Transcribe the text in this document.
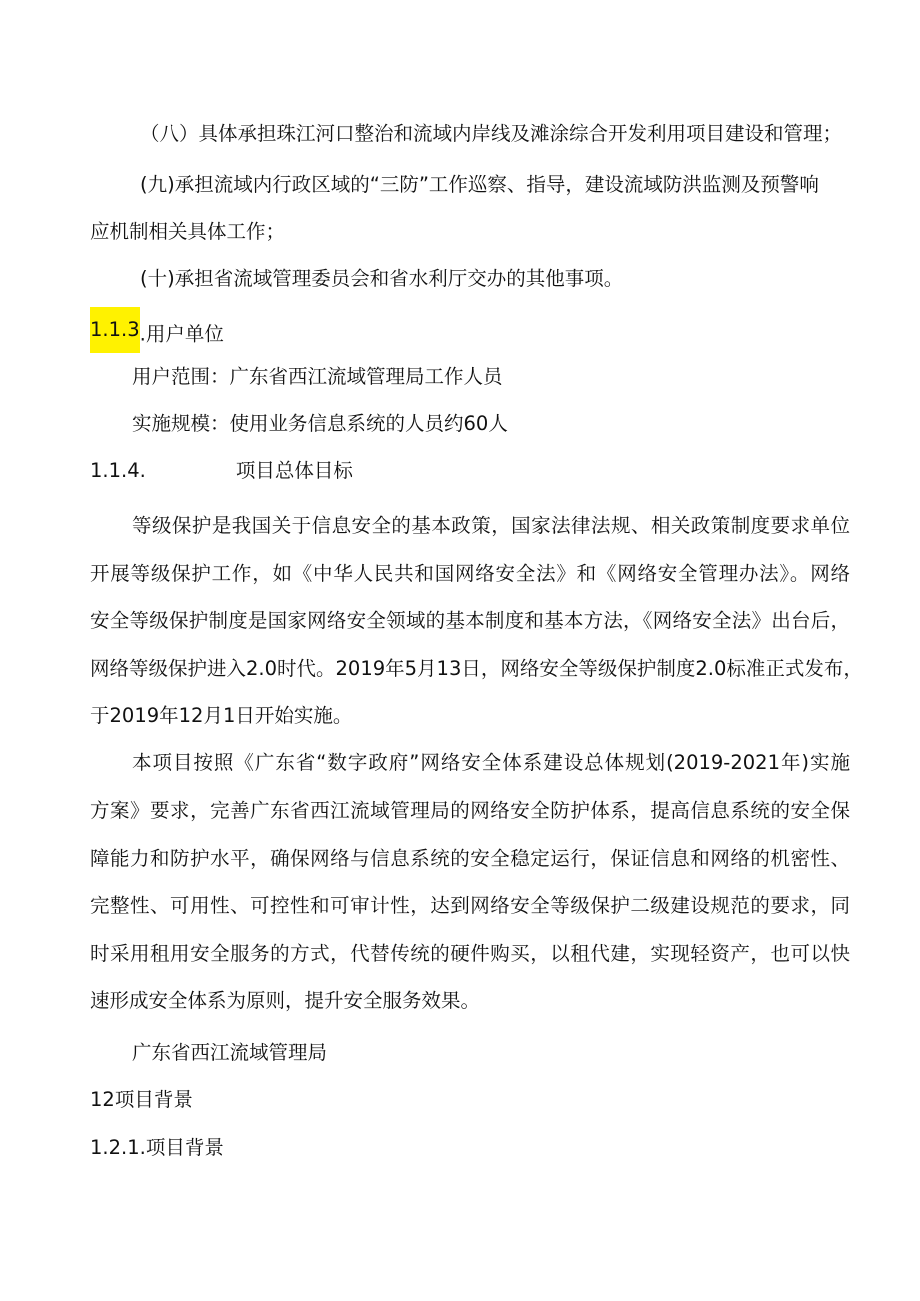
（八）具体承担珠江河口整治和流域内岸线及滩涂综合开发利用项目建设和管理；
(九)承担流域内行政区域的“三防”工作巡察、指导，建设流域防洪监测及预警响
应机制相关具体工作；
(十)承担省流域管理委员会和省水利厅交办的其他事项。
1.1.3.用户单位
用户范围：广东省西江流域管理局工作人员
实施规模：使用业务信息系统的人员约60人
1.1.4.	项目总体目标
等级保护是我国关于信息安全的基本政策，国家法律法规、相关政策制度要求单位
开展等级保护工作，如《中华人民共和国网络安全法》和《网络安全管理办法》。网络
安全等级保护制度是国家网络安全领域的基本制度和基本方法，《网络安全法》出台后，
网络等级保护进入2.0时代。2019年5月13日，网络安全等级保护制度2.0标准正式发布，
于2019年12月1日开始实施。
本项目按照《广东省“数字政府”网络安全体系建设总体规划(2019-2021年)实施
方案》要求，完善广东省西江流域管理局的网络安全防护体系，提高信息系统的安全保
障能力和防护水平，确保网络与信息系统的安全稳定运行，保证信息和网络的机密性、
完整性、可用性、可控性和可审计性，达到网络安全等级保护二级建设规范的要求，同
时采用租用安全服务的方式，代替传统的硬件购买，以租代建，实现轻资产，也可以快
速形成安全体系为原则，提升安全服务效果。
广东省西江流域管理局
12项目背景
1.2.1.项目背景
